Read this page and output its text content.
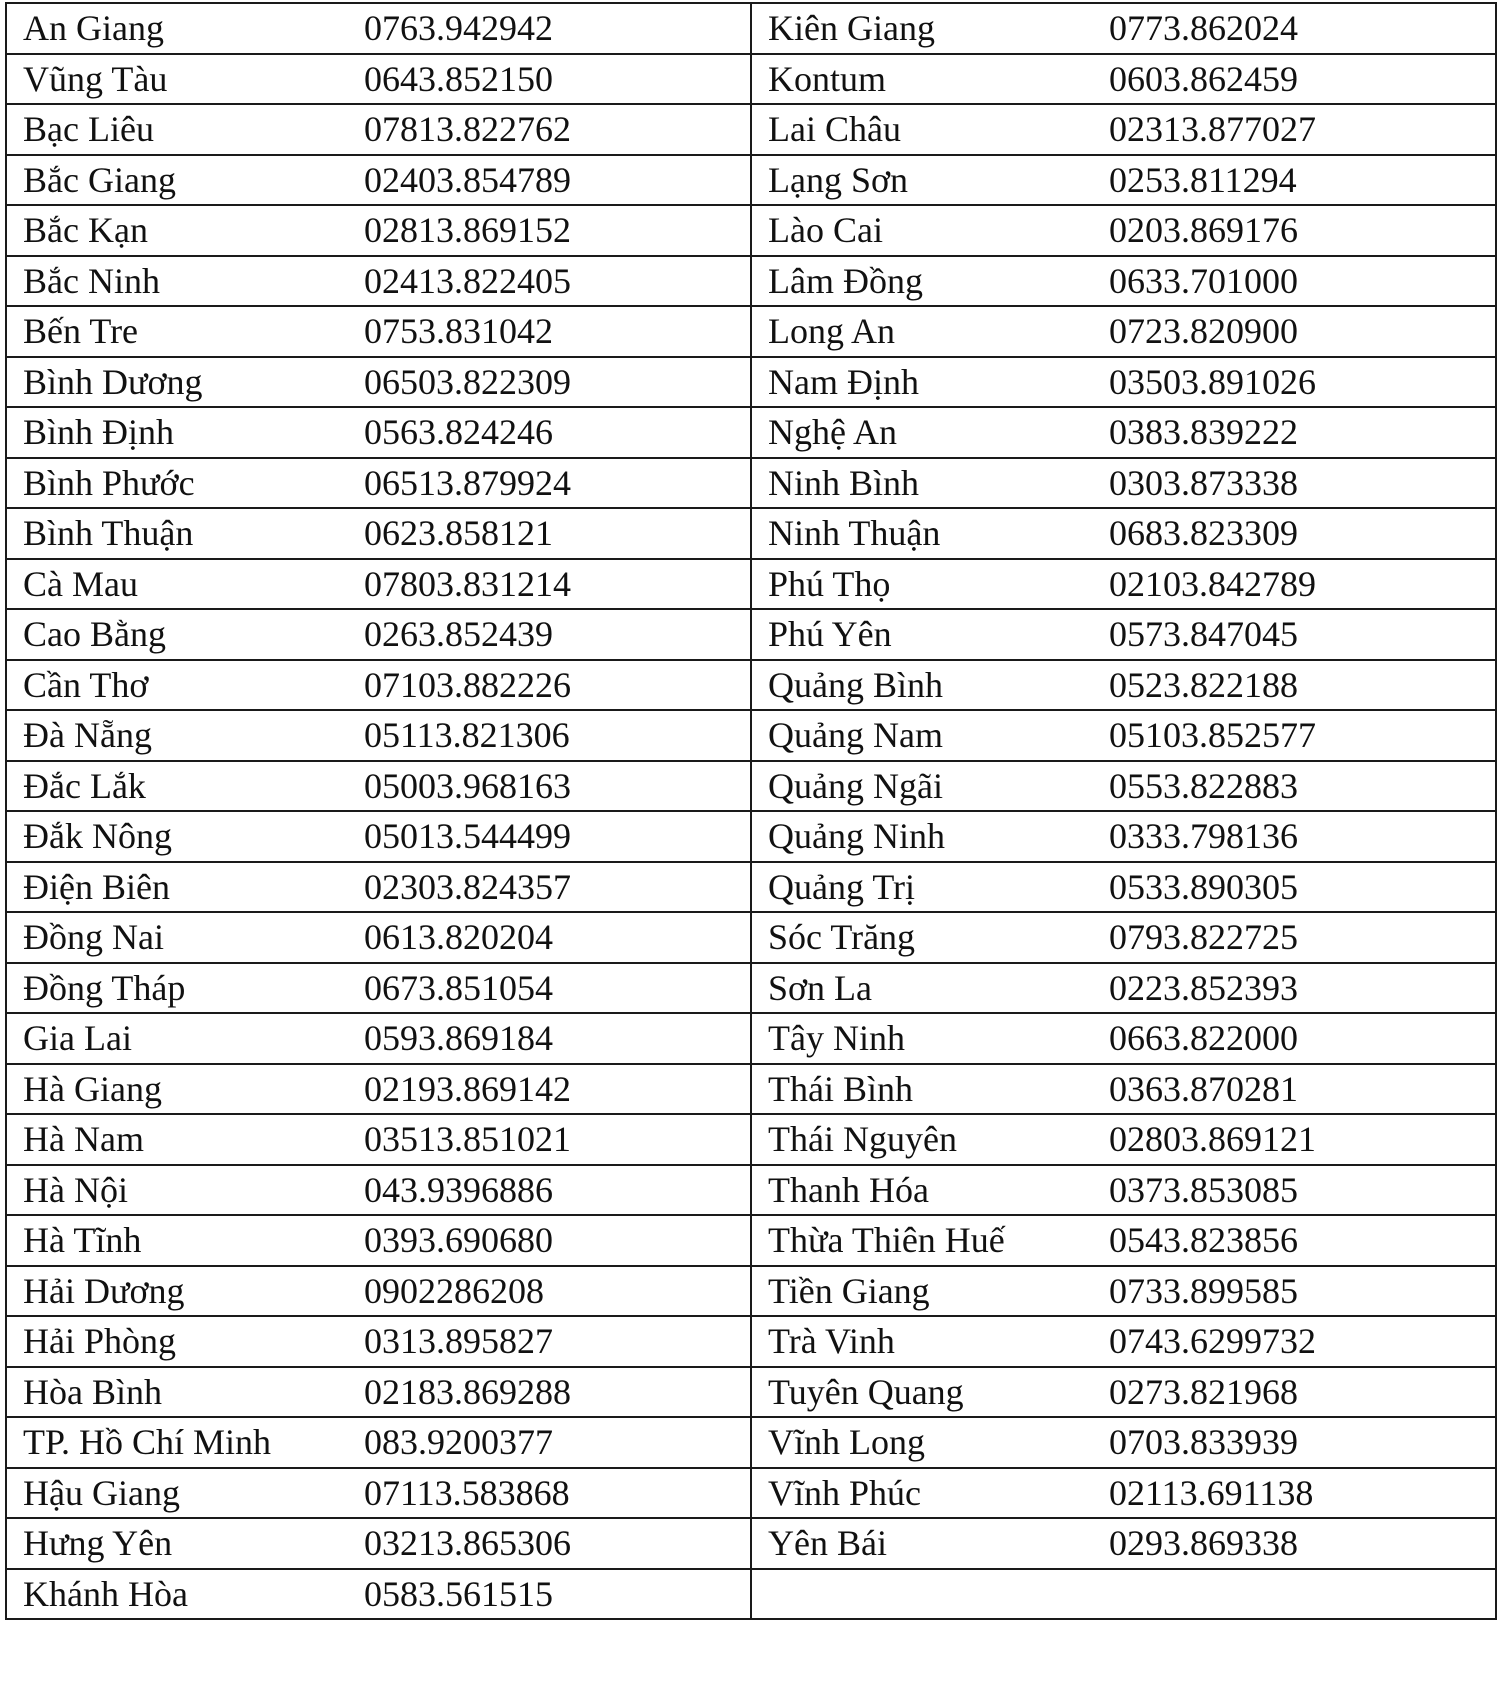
An Giang	0763.942942	Kiên Giang	0773.862024
Vũng Tàu	0643.852150	Kontum	0603.862459
Bạc Liêu	07813.822762	Lai Châu	02313.877027
Bắc Giang	02403.854789	Lạng Sơn	0253.811294
Bắc Kạn	02813.869152	Lào Cai	0203.869176
Bắc Ninh	02413.822405	Lâm Đồng	0633.701000
Bến Tre	0753.831042	Long An	0723.820900
Bình Dương	06503.822309	Nam Định	03503.891026
Bình Định	0563.824246	Nghệ An	0383.839222
Bình Phước	06513.879924	Ninh Bình	0303.873338
Bình Thuận	0623.858121	Ninh Thuận	0683.823309
Cà Mau	07803.831214	Phú Thọ	02103.842789
Cao Bằng	0263.852439	Phú Yên	0573.847045
Cần Thơ	07103.882226	Quảng Bình	0523.822188
Đà Nẵng	05113.821306	Quảng Nam	05103.852577
Đắc Lắk	05003.968163	Quảng Ngãi	0553.822883
Đắk Nông	05013.544499	Quảng Ninh	0333.798136
Điện Biên	02303.824357	Quảng Trị	0533.890305
Đồng Nai	0613.820204	Sóc Trăng	0793.822725
Đồng Tháp	0673.851054	Sơn La	0223.852393
Gia Lai	0593.869184	Tây Ninh	0663.822000
Hà Giang	02193.869142	Thái Bình	0363.870281
Hà Nam	03513.851021	Thái Nguyên	02803.869121
Hà Nội	043.9396886	Thanh Hóa	0373.853085
Hà Tĩnh	0393.690680	Thừa Thiên Huế	0543.823856
Hải Dương	0902286208	Tiền Giang	0733.899585
Hải Phòng	0313.895827	Trà Vinh	0743.6299732
Hòa Bình	02183.869288	Tuyên Quang	0273.821968
TP. Hồ Chí Minh	083.9200377	Vĩnh Long	0703.833939
Hậu Giang	07113.583868	Vĩnh Phúc	02113.691138
Hưng Yên	03213.865306	Yên Bái	0293.869338
Khánh Hòa	0583.561515		
